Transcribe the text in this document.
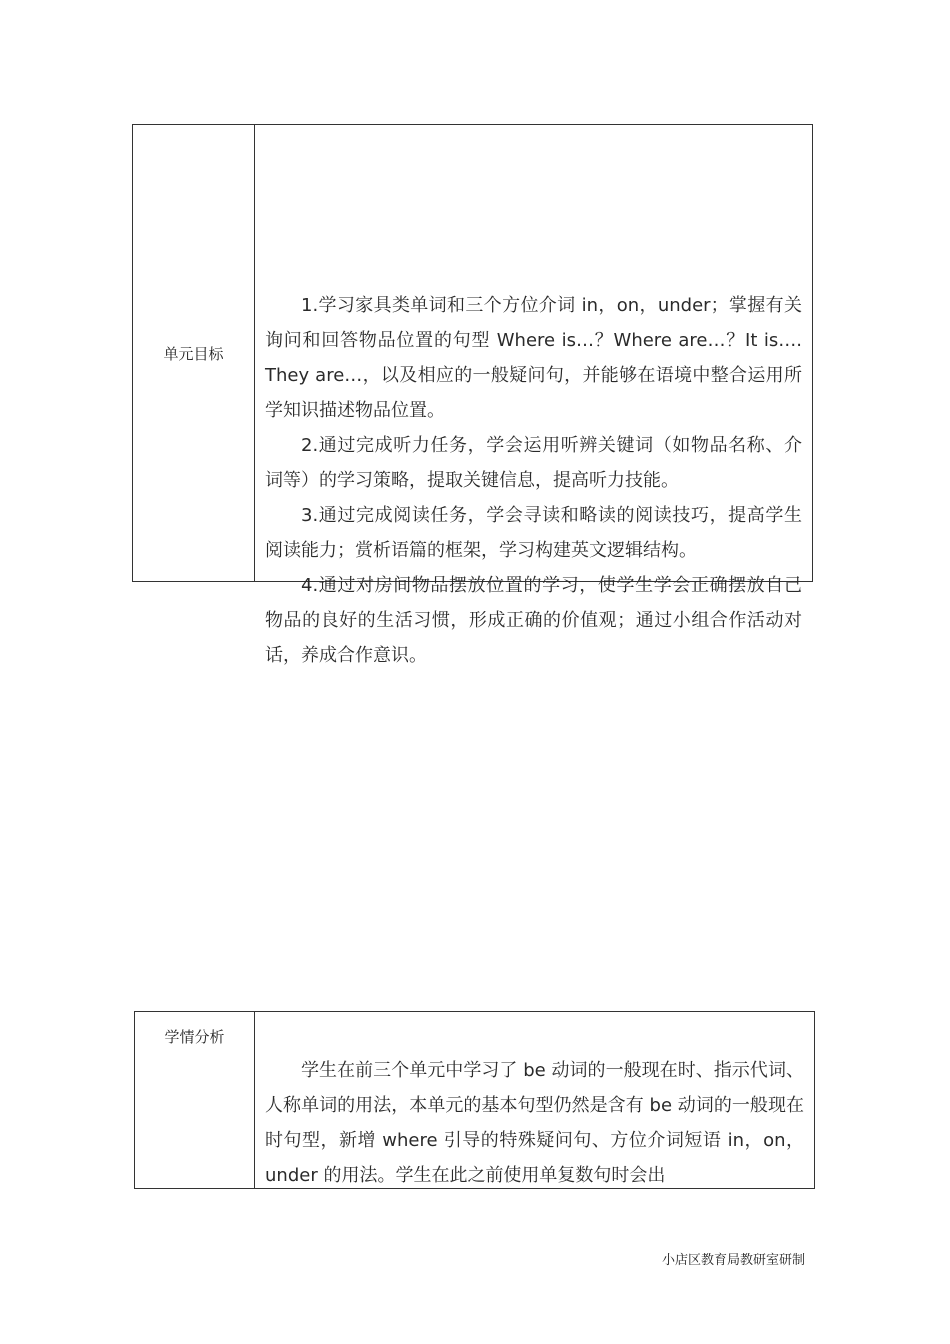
单元目标

1.学习家具类单词和三个方位介词 in，on，under；掌握有关询问和回答物品位置的句型 Where is…？Where are…？It is…. They are…，以及相应的一般疑问句，并能够在语境中整合运用所学知识描述物品位置。

2.通过完成听力任务，学会运用听辨关键词（如物品名称、介词等）的学习策略，提取关键信息，提高听力技能。

3.通过完成阅读任务，学会寻读和略读的阅读技巧，提高学生阅读能力；赏析语篇的框架，学习构建英文逻辑结构。

4.通过对房间物品摆放位置的学习，使学生学会正确摆放自己物品的良好的生活习惯，形成正确的价值观；通过小组合作活动对话，养成合作意识。

学情分析

学生在前三个单元中学习了 be 动词的一般现在时、指示代词、人称单词的用法，本单元的基本句型仍然是含有 be 动词的一般现在时句型，新增 where 引导的特殊疑问句、方位介词短语 in，on， under 的用法。学生在此之前使用单复数句时会出

小店区教育局教研室研制
